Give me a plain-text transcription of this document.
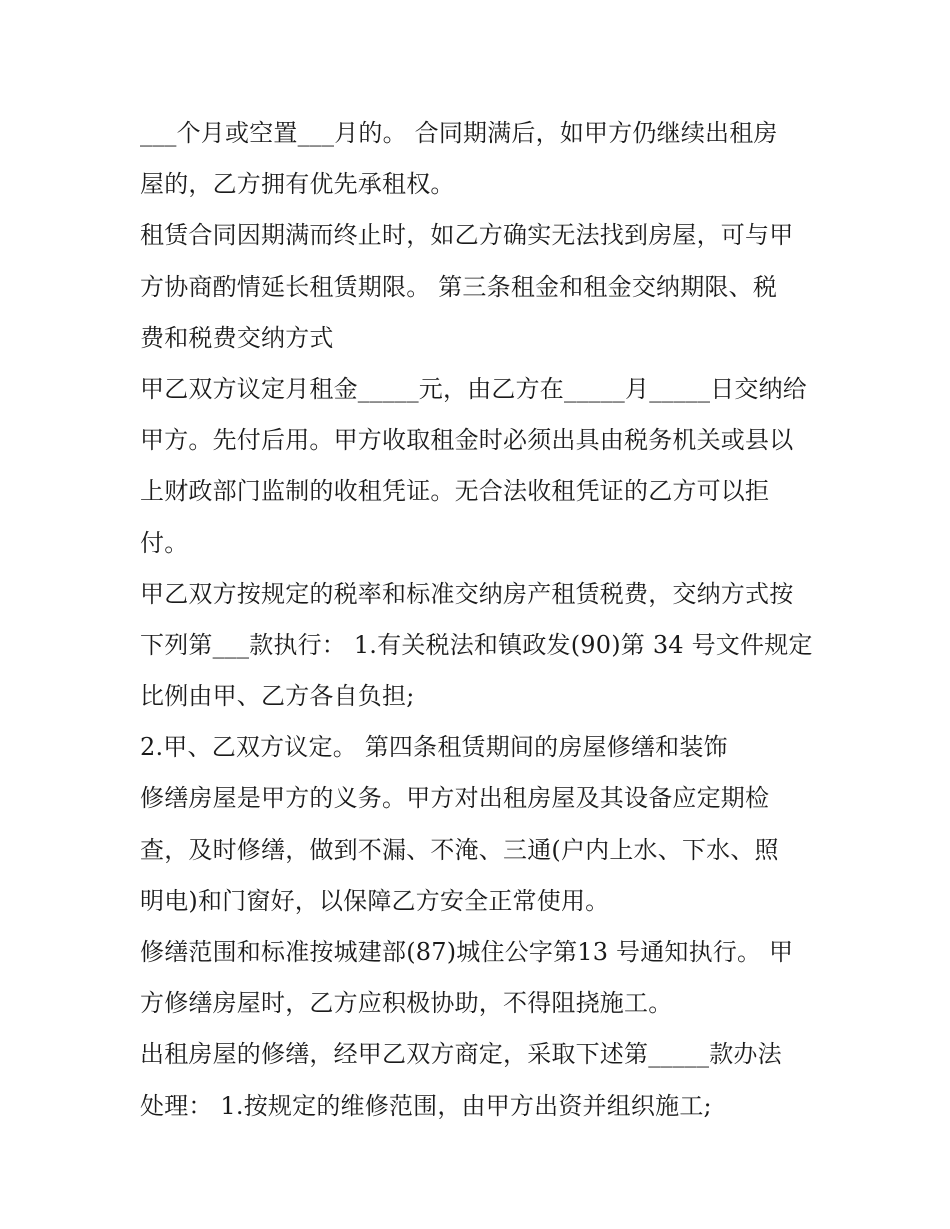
___个月或空置___月的。 合同期满后，如甲方仍继续出租房
屋的，乙方拥有优先承租权。
租赁合同因期满而终止时，如乙方确实无法找到房屋，可与甲
方协商酌情延长租赁期限。 第三条租金和租金交纳期限、税
费和税费交纳方式
甲乙双方议定月租金_____元，由乙方在_____月_____日交纳给
甲方。先付后用。甲方收取租金时必须出具由税务机关或县以
上财政部门监制的收租凭证。无合法收租凭证的乙方可以拒
付。
甲乙双方按规定的税率和标准交纳房产租赁税费，交纳方式按
下列第___款执行： 1.有关税法和镇政发(90)第 34 号文件规定
比例由甲、乙方各自负担;
2.甲、乙双方议定。 第四条租赁期间的房屋修缮和装饰
修缮房屋是甲方的义务。甲方对出租房屋及其设备应定期检
查，及时修缮，做到不漏、不淹、三通(户内上水、下水、照
明电)和门窗好，以保障乙方安全正常使用。
修缮范围和标准按城建部(87)城住公字第13 号通知执行。 甲
方修缮房屋时，乙方应积极协助，不得阻挠施工。
出租房屋的修缮，经甲乙双方商定，采取下述第_____款办法
处理： 1.按规定的维修范围，由甲方出资并组织施工;
